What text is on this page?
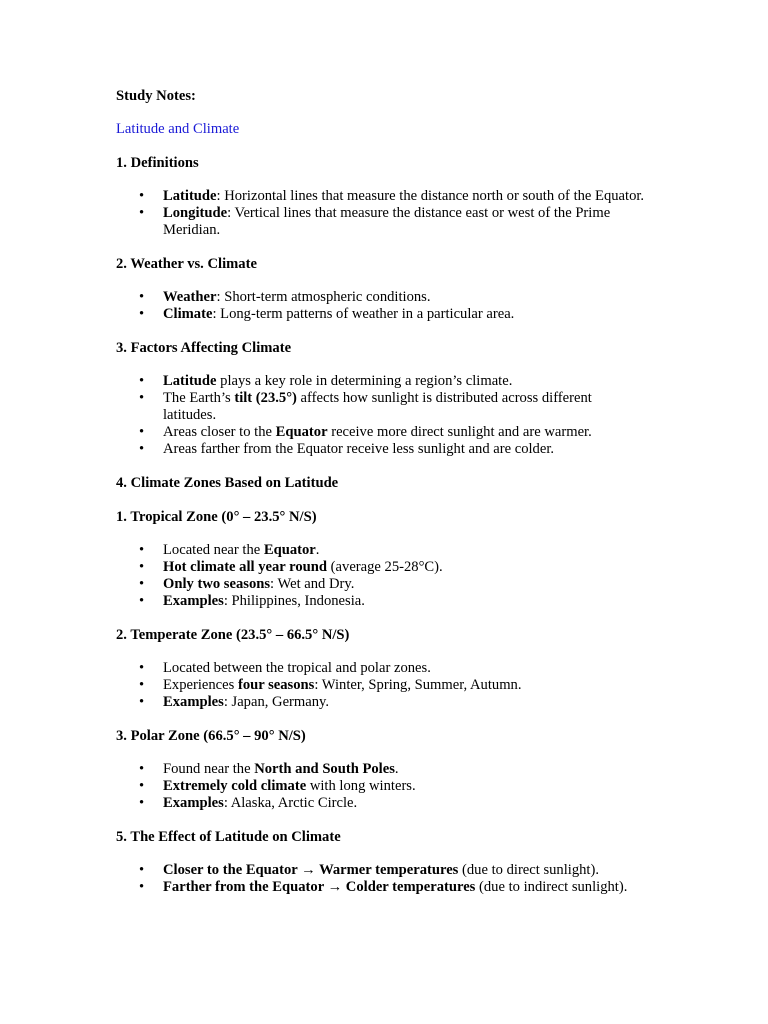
Study Notes:

Latitude and Climate

1. Definitions

• Latitude: Horizontal lines that measure the distance north or south of the Equator.
• Longitude: Vertical lines that measure the distance east or west of the Prime Meridian.

2. Weather vs. Climate

• Weather: Short-term atmospheric conditions.
• Climate: Long-term patterns of weather in a particular area.

3. Factors Affecting Climate

• Latitude plays a key role in determining a region’s climate.
• The Earth’s tilt (23.5°) affects how sunlight is distributed across different latitudes.
• Areas closer to the Equator receive more direct sunlight and are warmer.
• Areas farther from the Equator receive less sunlight and are colder.

4. Climate Zones Based on Latitude

1. Tropical Zone (0° – 23.5° N/S)

• Located near the Equator.
• Hot climate all year round (average 25-28°C).
• Only two seasons: Wet and Dry.
• Examples: Philippines, Indonesia.

2. Temperate Zone (23.5° – 66.5° N/S)

• Located between the tropical and polar zones.
• Experiences four seasons: Winter, Spring, Summer, Autumn.
• Examples: Japan, Germany.

3. Polar Zone (66.5° – 90° N/S)

• Found near the North and South Poles.
• Extremely cold climate with long winters.
• Examples: Alaska, Arctic Circle.

5. The Effect of Latitude on Climate

• Closer to the Equator → Warmer temperatures (due to direct sunlight).
• Farther from the Equator → Colder temperatures (due to indirect sunlight).
